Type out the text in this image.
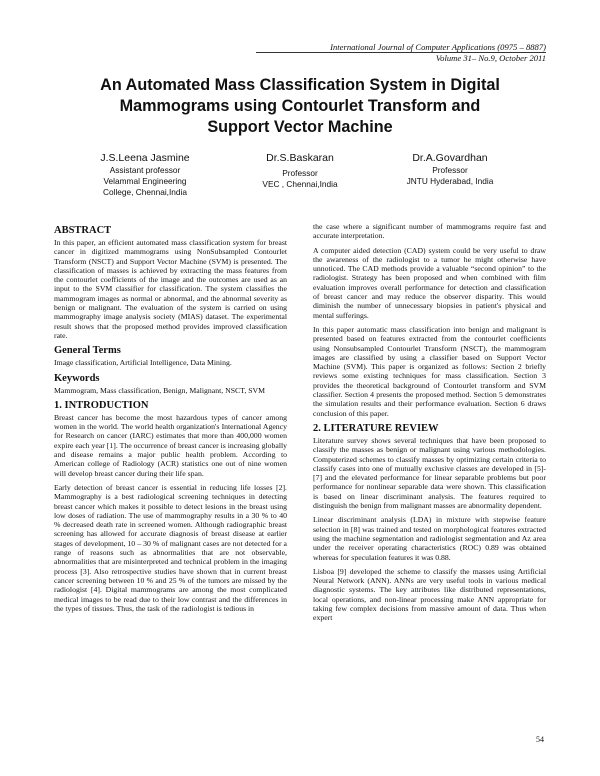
International Journal of Computer Applications (0975 – 8887)
Volume 31– No.9, October 2011
An Automated Mass Classification System in Digital
Mammograms using Contourlet Transform and
Support Vector Machine
J.S.Leena Jasmine
Assistant professor
Velammal Engineering
College, Chennai,India
Dr.S.Baskaran
Professor
VEC , Chennai,India
Dr.A.Govardhan
Professor
JNTU Hyderabad, India
ABSTRACT

In this paper, an efficient automated mass classification system for breast cancer in digitized mammograms using NonSubsampled Contourlet Transform (NSCT) and Support Vector Machine (SVM) is presented. The classification of masses is achieved by extracting the mass features from the contourlet coefficients of the image and the outcomes are used as an input to the SVM classifier for classification. The system classifies the mammogram images as normal or abnormal, and the abnormal severity as benign or malignant. The evaluation of the system is carried on using mammography image analysis society (MIAS) dataset. The experimental result shows that the proposed method provides improved classification rate.

General Terms

Image classification, Artificial Intelligence, Data Mining.

Keywords

Mammogram, Mass classification, Benign, Malignant, NSCT, SVM

1. INTRODUCTION

Breast cancer has become the most hazardous types of cancer among women in the world. The world health organization's International Agency for Research on cancer (IARC) estimates that more than 400,000 women expire each year [1]. The occurrence of breast cancer is increasing globally and disease remains a major public health problem. According to American college of Radiology (ACR) statistics one out of nine women will develop breast cancer during their life span.

Early detection of breast cancer is essential in reducing life losses [2]. Mammography is a best radiological screening techniques in detecting breast cancer which makes it possible to detect lesions in the breast using low doses of radiation. The use of mammography results in a 30 % to 40 % decreased death rate in screened women. Although radiographic breast screening has allowed for accurate diagnosis of breast disease at earlier stages of development, 10 – 30 % of malignant cases are not detected for a range of reasons such as abnormalities that are not observable, abnormalities that are misinterpreted and technical problem in the imaging process [3]. Also retrospective studies have shown that in current breast cancer screening between 10 % and 25 % of the tumors are missed by the radiologist [4]. Digital mammograms are among the most complicated medical images to be read due to their low contrast and the differences in the types of tissues. Thus, the task of the radiologist is tedious in

the case where a significant number of mammograms require fast and accurate interpretation.

A computer aided detection (CAD) system could be very useful to draw the awareness of the radiologist to a tumor he might otherwise have unnoticed. The CAD methods provide a valuable “second opinion” to the radiologist. Strategy has been proposed and when combined with film evaluation improves overall performance for detection and classification of breast cancer and may reduce the observer disparity. This would diminish the number of unnecessary biopsies in patient's physical and mental sufferings.

In this paper automatic mass classification into benign and malignant is presented based on features extracted from the contourlet coefficients using Nonsubsampled Contourlet Transform (NSCT), the mammogram images are classified by using a classifier based on Support Vector Machine (SVM). This paper is organized as follows: Section 2 briefly reviews some existing techniques for mass classification. Section 3 provides the theoretical background of Contourlet transform and SVM classifier. Section 4 presents the proposed method. Section 5 demonstrates the simulation results and their performance evaluation. Section 6 draws conclusion of this paper.

2. LITERATURE REVIEW

Literature survey shows several techniques that have been proposed to classify the masses as benign or malignant using various methodologies. Computerized schemes to classify masses by optimizing certain criteria to classify cases into one of mutually exclusive classes are developed in [5]-[7] and the elevated performance for linear separable problems but poor performance for nonlinear separable data were shown. This classification is based on linear discriminant analysis. The features required to distinguish the benign from malignant masses are abnormality dependent.

Linear discriminant analysis (LDA) in mixture with stepwise feature selection in [8] was trained and tested on morphological features extracted using the machine segmentation and radiologist segmentation and Az area under the receiver operating characteristics (ROC) 0.89 was obtained whereas for speculation features it was 0.88.

Lisboa [9] developed the scheme to classify the masses using Artificial Neural Network (ANN). ANNs are very useful tools in various medical diagnostic systems. The key attributes like distributed representations, local operations, and non-linear processing make ANN appropriate for taking few complex decisions from massive amount of data. Thus when expert

54
